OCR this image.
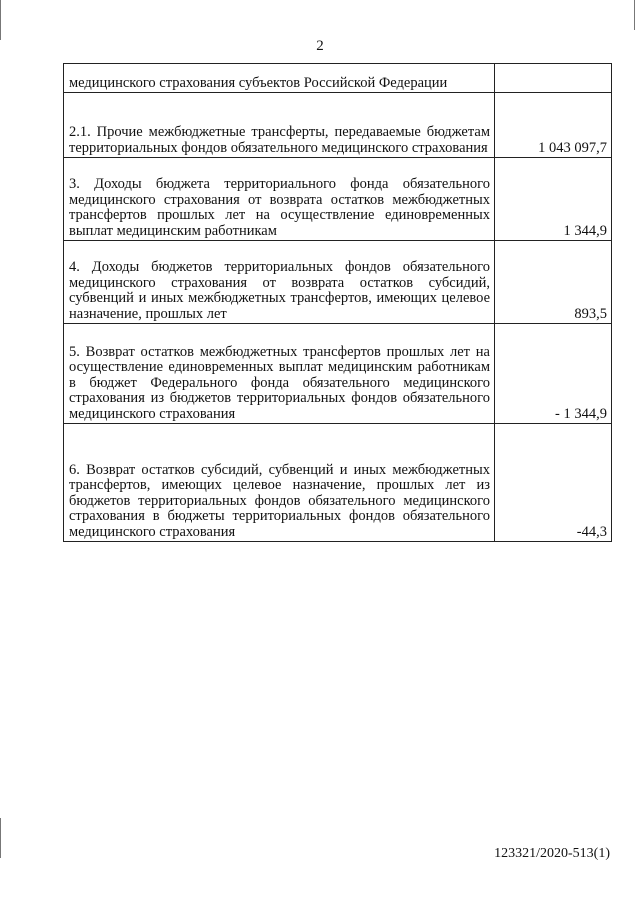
2
медицинского страхования субъектов Российской Федерации	
2.1. Прочие межбюджетные трансферты, передаваемые бюджетам территориальных фондов обязательного медицинского страхования	1 043 097,7
3. Доходы бюджета территориального фонда обязательного медицинского страхования от возврата остатков межбюджетных трансфертов прошлых лет на осуществление единовременных выплат медицинским работникам	1 344,9
4. Доходы бюджетов территориальных фондов обязательного медицинского страхования от возврата остатков субсидий, субвенций и иных межбюджетных трансфертов, имеющих целевое назначение, прошлых лет	893,5
5. Возврат остатков межбюджетных трансфертов прошлых лет на осуществление единовременных выплат медицинским работникам в бюджет Федерального фонда обязательного медицинского страхования из бюджетов территориальных фондов обязательного медицинского страхования	- 1 344,9
6. Возврат остатков субсидий, субвенций и иных межбюджетных трансфертов, имеющих целевое назначение, прошлых лет из бюджетов территориальных фондов обязательного медицинского страхования в бюджеты территориальных фондов обязательного медицинского страхования	-44,3
123321/2020-513(1)
